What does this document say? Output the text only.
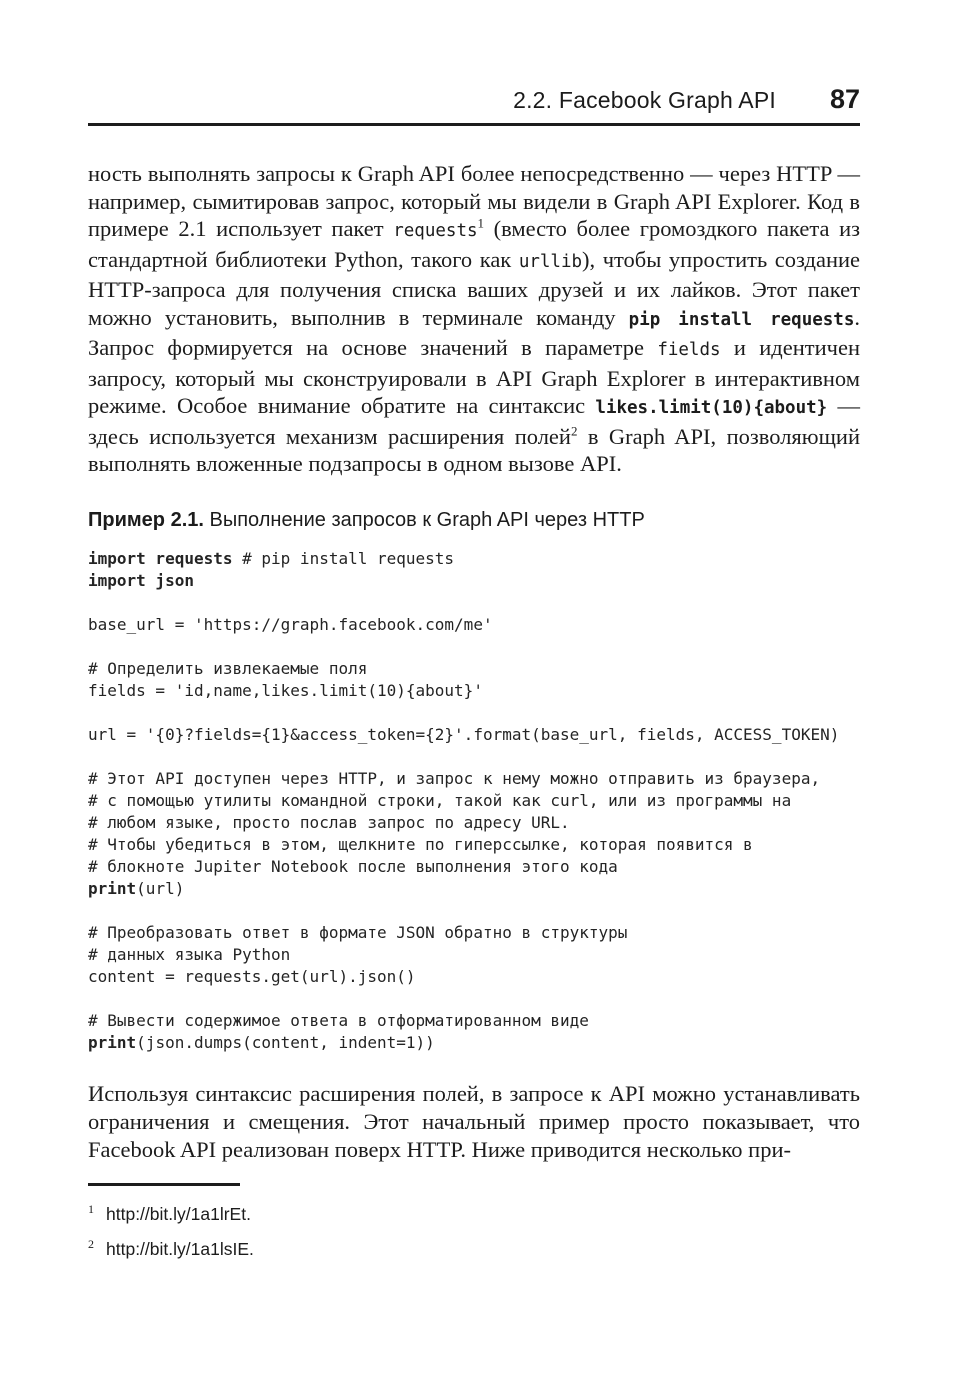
2.2. Facebook Graph API 87

ность выполнять запросы к Graph API более непосредственно — через HTTP — например, сымитировав запрос, который мы видели в Graph API Explorer. Код в примере 2.1 использует пакет requests$^1$ (вместо более громоздкого пакета из стандартной библиотеки Python, такого как urllib), чтобы упростить создание HTTP-запроса для получения списка ваших друзей и их лайков. Этот пакет можно установить, выполнив в терминале команду pip install requests. Запрос формируется на основе значений в параметре fields и идентичен запросу, который мы сконструировали в API Graph Explorer в интерактивном режиме. Особое внимание обратите на синтаксис likes.limit(10){about} — здесь используется механизм расширения полей$^2$ в Graph API, позволяющий выполнять вложенные подзапросы в одном вызове API.

Пример 2.1. Выполнение запросов к Graph API через HTTP
import requests # pip install requests
import json

base_url = 'https://graph.facebook.com/me'

# Определить извлекаемые поля
fields = 'id,name,likes.limit(10){about}'

url = '{0}?fields={1}&access_token={2}'.format(base_url, fields, ACCESS_TOKEN)

# Этот API доступен через HTTP, и запрос к нему можно отправить из браузера,
# с помощью утилиты командной строки, такой как curl, или из программы на
# любом языке, просто послав запрос по адресу URL.
# Чтобы убедиться в этом, щелкните по гиперссылке, которая появится в
# блокноте Jupiter Notebook после выполнения этого кода
print(url)

# Преобразовать ответ в формате JSON обратно в структуры
# данных языка Python
content = requests.get(url).json()

# Вывести содержимое ответа в отформатированном виде
print(json.dumps(content, indent=1))

Используя синтаксис расширения полей, в запросе к API можно устанавливать ограничения и смещения. Этот начальный пример просто показывает, что Facebook API реализован поверх HTTP. Ниже приводится несколько при-

$^1$ http://bit.ly/1a1lrEt.
$^2$ http://bit.ly/1a1lsIE.
